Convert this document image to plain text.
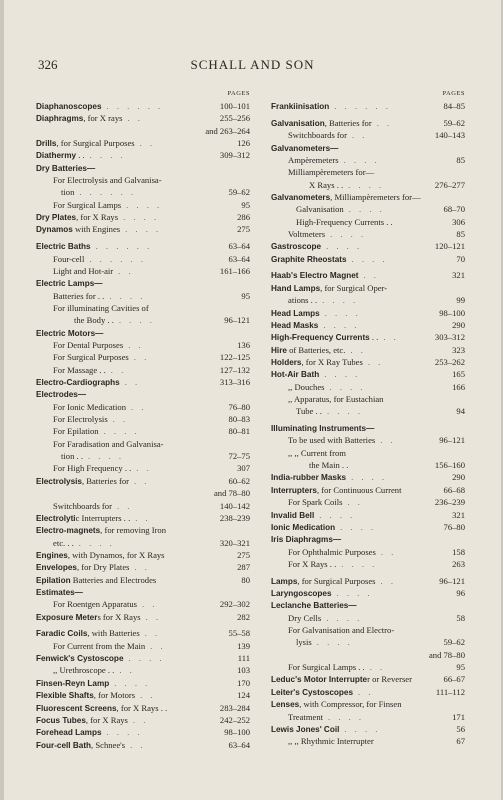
326	SCHALL AND SON
PAGES
Diaphanoscopes . . . . . .	100–101
Diaphragms, for X rays . .	255–256
and 263–264
Drills, for Surgical Purposes . .	126
Diathermy . . . . . .	309–312
Dry Batteries—
For Electrolysis and Galvanisa-
tion . . . . . .	59–62
For Surgical Lamps . . . .	95
Dry Plates, for X Rays . . . .	286
Dynamos with Engines . . . .	275
Electric Baths . . . . . .	63–64
Four-cell . . . . . .	63–64
Light and Hot-air . .	161–166
Electric Lamps—
Batteries for . . . . . .	95
For illuminating Cavities of
the Body . . . . . .	96–121
Electric Motors—
For Dental Purposes . .	136
For Surgical Purposes . .	122–125
For Massage . . . .	127–132
Electro-Cardiographs . .	313–316
Electrodes—
For Ionic Medication . .	76–80
For Electrolysis . .	80–83
For Epilation . . . .	80–81
For Faradisation and Galvanisa-
tion . . . . . .	72–75
For High Frequency . . . .	307
Electrolysis, Batteries for . .	60–62
and 78–80
Switchboards for . .	140–142
Electrolytic Interrupters . . . .	238–239
Electro-magnets, for removing Iron
etc. . . . . . .	320–321
Engines, with Dynamos, for X Rays	275
Envelopes, for Dry Plates . .	287
Epilation Batteries and Electrodes	80
Estimates—
For Roentgen Apparatus . .	292–302
Exposure Meters for X Rays . .	282
Faradic Coils, with Batteries . .	55–58
For Current from the Main . .	139
Fenwick's Cystoscope . . . .	111
,, Urethroscope . . . .	103
Finsen-Reyn Lamp . . . .	170
Flexible Shafts, for Motors . .	124
Fluorescent Screens, for X Rays . .	283–284
Focus Tubes, for X Rays . .	242–252
Forehead Lamps . . . .	98–100
Four-cell Bath, Schnee's . .	63–64
PAGES
Frankiinisation . . . . . .	84–85
Galvanisation, Batteries for . .	59–62
Switchboards for . .	140–143
Galvanometers—
Ampèremeters . . . .	85
Milliampèremeters for—
X Rays . . . . . .	276–277
Galvanometers, Milliampèremeters for—
Galvanisation . . . .	68–70
High-Frequency Currents . .	306
Voltmeters . . . .	85
Gastroscope . . . .	120–121
Graphite Rheostats . . . .	70
Haab's Electro Magnet . .	321
Hand Lamps, for Surgical Oper-
ations . . . . . .	99
Head Lamps . . . .	98–100
Head Masks . . . .	290
High-Frequency Currents . . . .	303–312
Hire of Batteries, etc. . .	323
Holders, for X Ray Tubes . .	253–262
Hot-Air Bath . . . .	165
,, Douches . . . .	166
,, Apparatus, for Eustachian
Tube . . . . . .	94
Illuminating Instruments—
To be used with Batteries . .	96–121
,, ,, Current from
the Main . .	156–160
India-rubber Masks . . . .	290
Interrupters, for Continuous Current	66–68
For Spark Coils . .	236–239
Invalid Bell . . . .	321
Ionic Medication . . . .	76–80
Iris Diaphragms—
For Ophthalmic Purposes . .	158
For X Rays . . . . . .	263
Lamps, for Surgical Purposes . .	96–121
Laryngoscopes . . . .	96
Leclanche Batteries—
Dry Cells . . . .	58
For Galvanisation and Electro-
lysis . . . .	59–62
and 78–80
For Surgical Lamps . . . .	95
Leduc's Motor Interrupter or Reverser	66–67
Leiter's Cystoscopes . .	111–112
Lenses, with Compressor, for Finsen
Treatment . . . .	171
Lewis Jones' Coil . . . .	56
,, ,, Rhythmic Interrupter	67
